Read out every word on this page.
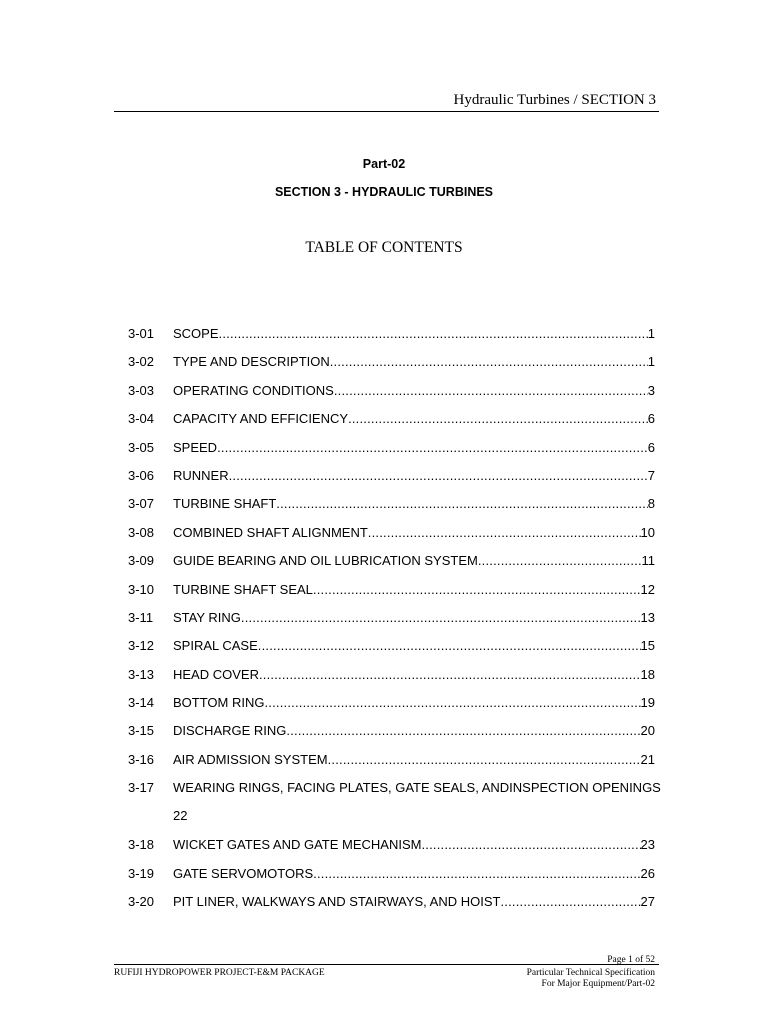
Hydraulic Turbines / SECTION 3
Part-02
SECTION 3 - HYDRAULIC TURBINES
TABLE OF CONTENTS
3-01 SCOPE .....	1
3-02 TYPE AND DESCRIPTION .....	1
3-03 OPERATING CONDITIONS .....	3
3-04 CAPACITY AND EFFICIENCY .....	6
3-05 SPEED .....	6
3-06 RUNNER .....	7
3-07 TURBINE SHAFT .....	8
3-08 COMBINED SHAFT ALIGNMENT .....	10
3-09 GUIDE BEARING AND OIL LUBRICATION SYSTEM .....	11
3-10 TURBINE SHAFT SEAL .....	12
3-11 STAY RING .....	13
3-12 SPIRAL CASE .....	15
3-13 HEAD COVER .....	18
3-14 BOTTOM RING .....	19
3-15 DISCHARGE RING .....	20
3-16 AIR ADMISSION SYSTEM .....	21
3-17 WEARING RINGS, FACING PLATES, GATE SEALS, AND INSPECTION OPENINGS
22
3-18 WICKET GATES AND GATE MECHANISM .....	23
3-19 GATE SERVOMOTORS .....	26
3-20 PIT LINER, WALKWAYS AND STAIRWAYS, AND HOIST .....	27
Page 1 of 52
RUFIJI HYDROPOWER PROJECT-E&M PACKAGE	Particular Technical Specification
For Major Equipment/Part-02
